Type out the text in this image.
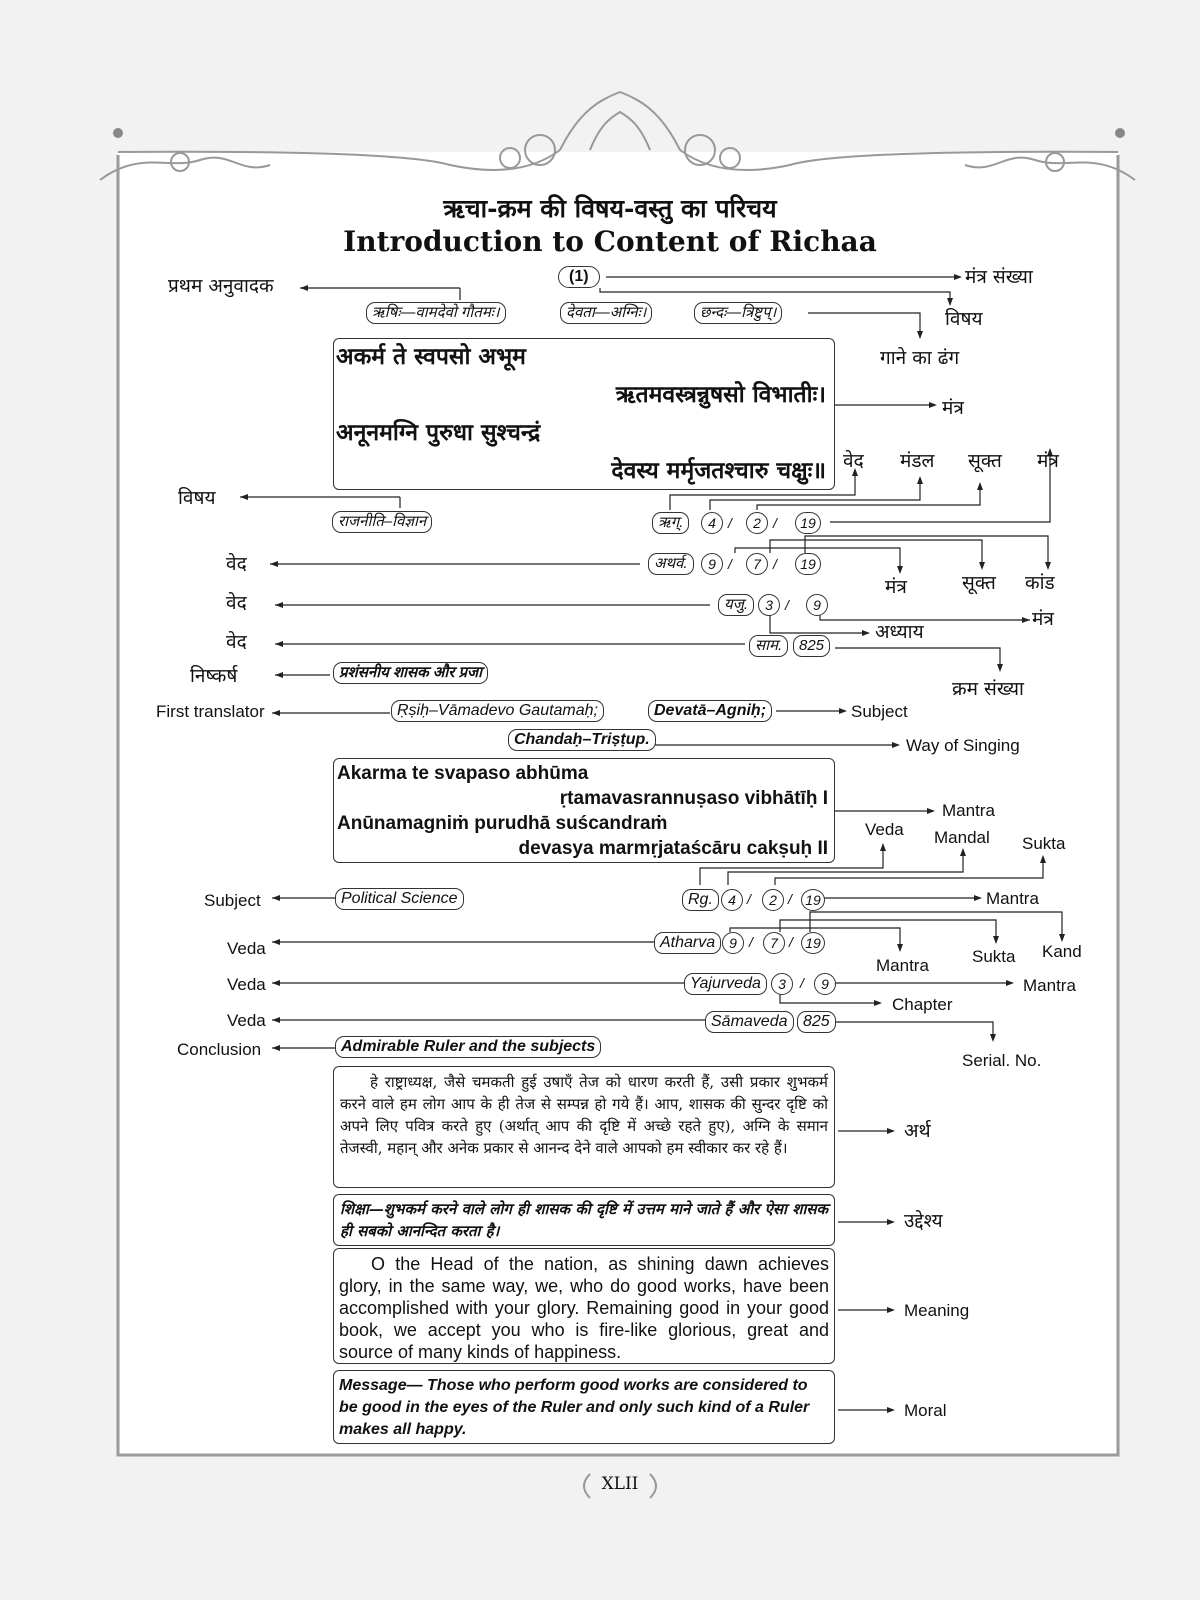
ऋचा-क्रम की विषय-वस्तु का परिचय
Introduction to Content of Richaa
प्रथम अनुवादक	(1)	मंत्र संख्या
ऋषिः—वामदेवो गौतमः।	देवता—अग्निः।	छन्दः—त्रिष्टुप्।	विषय
गाने का ढंग
अकर्म ते स्वपसो अभूम
ऋतमवस्त्रन्नुषसो विभातीः।
अनूनमग्नि पुरुधा सुश्चन्द्रं
देवस्य मर्मृजतश्चारु चक्षुः॥
मंत्र
वेद मंडल सूक्त मंत्र
विषय
राजनीति–विज्ञान	ऋग्.	4 /	2 /	19
वेद	अथर्व.	9 /	7 /	19
मंत्र	सूक्त कांड
वेद	यजु.	3 /	9
अध्याय
मंत्र
वेद	साम.	825
क्रम संख्या
निष्कर्ष	प्रशंसनीय शासक और प्रजा
First translator	Ṛṣiḥ–Vāmadevo Gautamaḥ;	Devatā–Agniḥ;	Subject
Chandaḥ–Triṣṭup.	Way of Singing
Akarma te svapaso abhūma
ṛtamavasrannuṣaso vibhātīḥ I
Anūnamagniṁ purudhā suścandraṁ
devasya marmṛjataścāru cakṣuḥ II
Mantra
Veda Mandal Sukta
Subject	Political Science	Rg.	4 /	2 / 19	Mantra
Veda	Atharva 9 /	7 / 19
Mantra	Sukta Kand
Veda	Yajurveda	3	/	9
Chapter
Mantra
Veda	Sāmaveda 825
Serial. No.
Conclusion	Admirable Ruler and the subjects
हे राष्ट्राध्यक्ष, जैसे चमकती हुई उषाएँ तेज को धारण करती हैं, उसी प्रकार शुभकर्म करने वाले हम लोग आप के ही तेज से सम्पन्न हो गये हैं। आप, शासक की सुन्दर दृष्टि को अपने लिए पवित्र करते हुए (अर्थात् आप की दृष्टि में अच्छे रहते हुए), अग्नि के समान तेजस्वी, महान् और अनेक प्रकार से आनन्द देने वाले आपको हम स्वीकार कर रहे हैं।
अर्थ
शिक्षा—शुभकर्म करने वाले लोग ही शासक की दृष्टि में उत्तम माने जाते हैं और ऐसा शासक ही सबको आनन्दित करता है।	उद्देश्य
O the Head of the nation, as shining dawn achieves glory, in the same way, we, who do good works, have been accomplished with your glory. Remaining good in your good book, we accept you who is fire-like glorious, great and source of many kinds of happiness.
Meaning
Message— Those who perform good works are considered to be good in the eyes of the Ruler and only such kind of a Ruler makes all happy.
Moral
XLII
